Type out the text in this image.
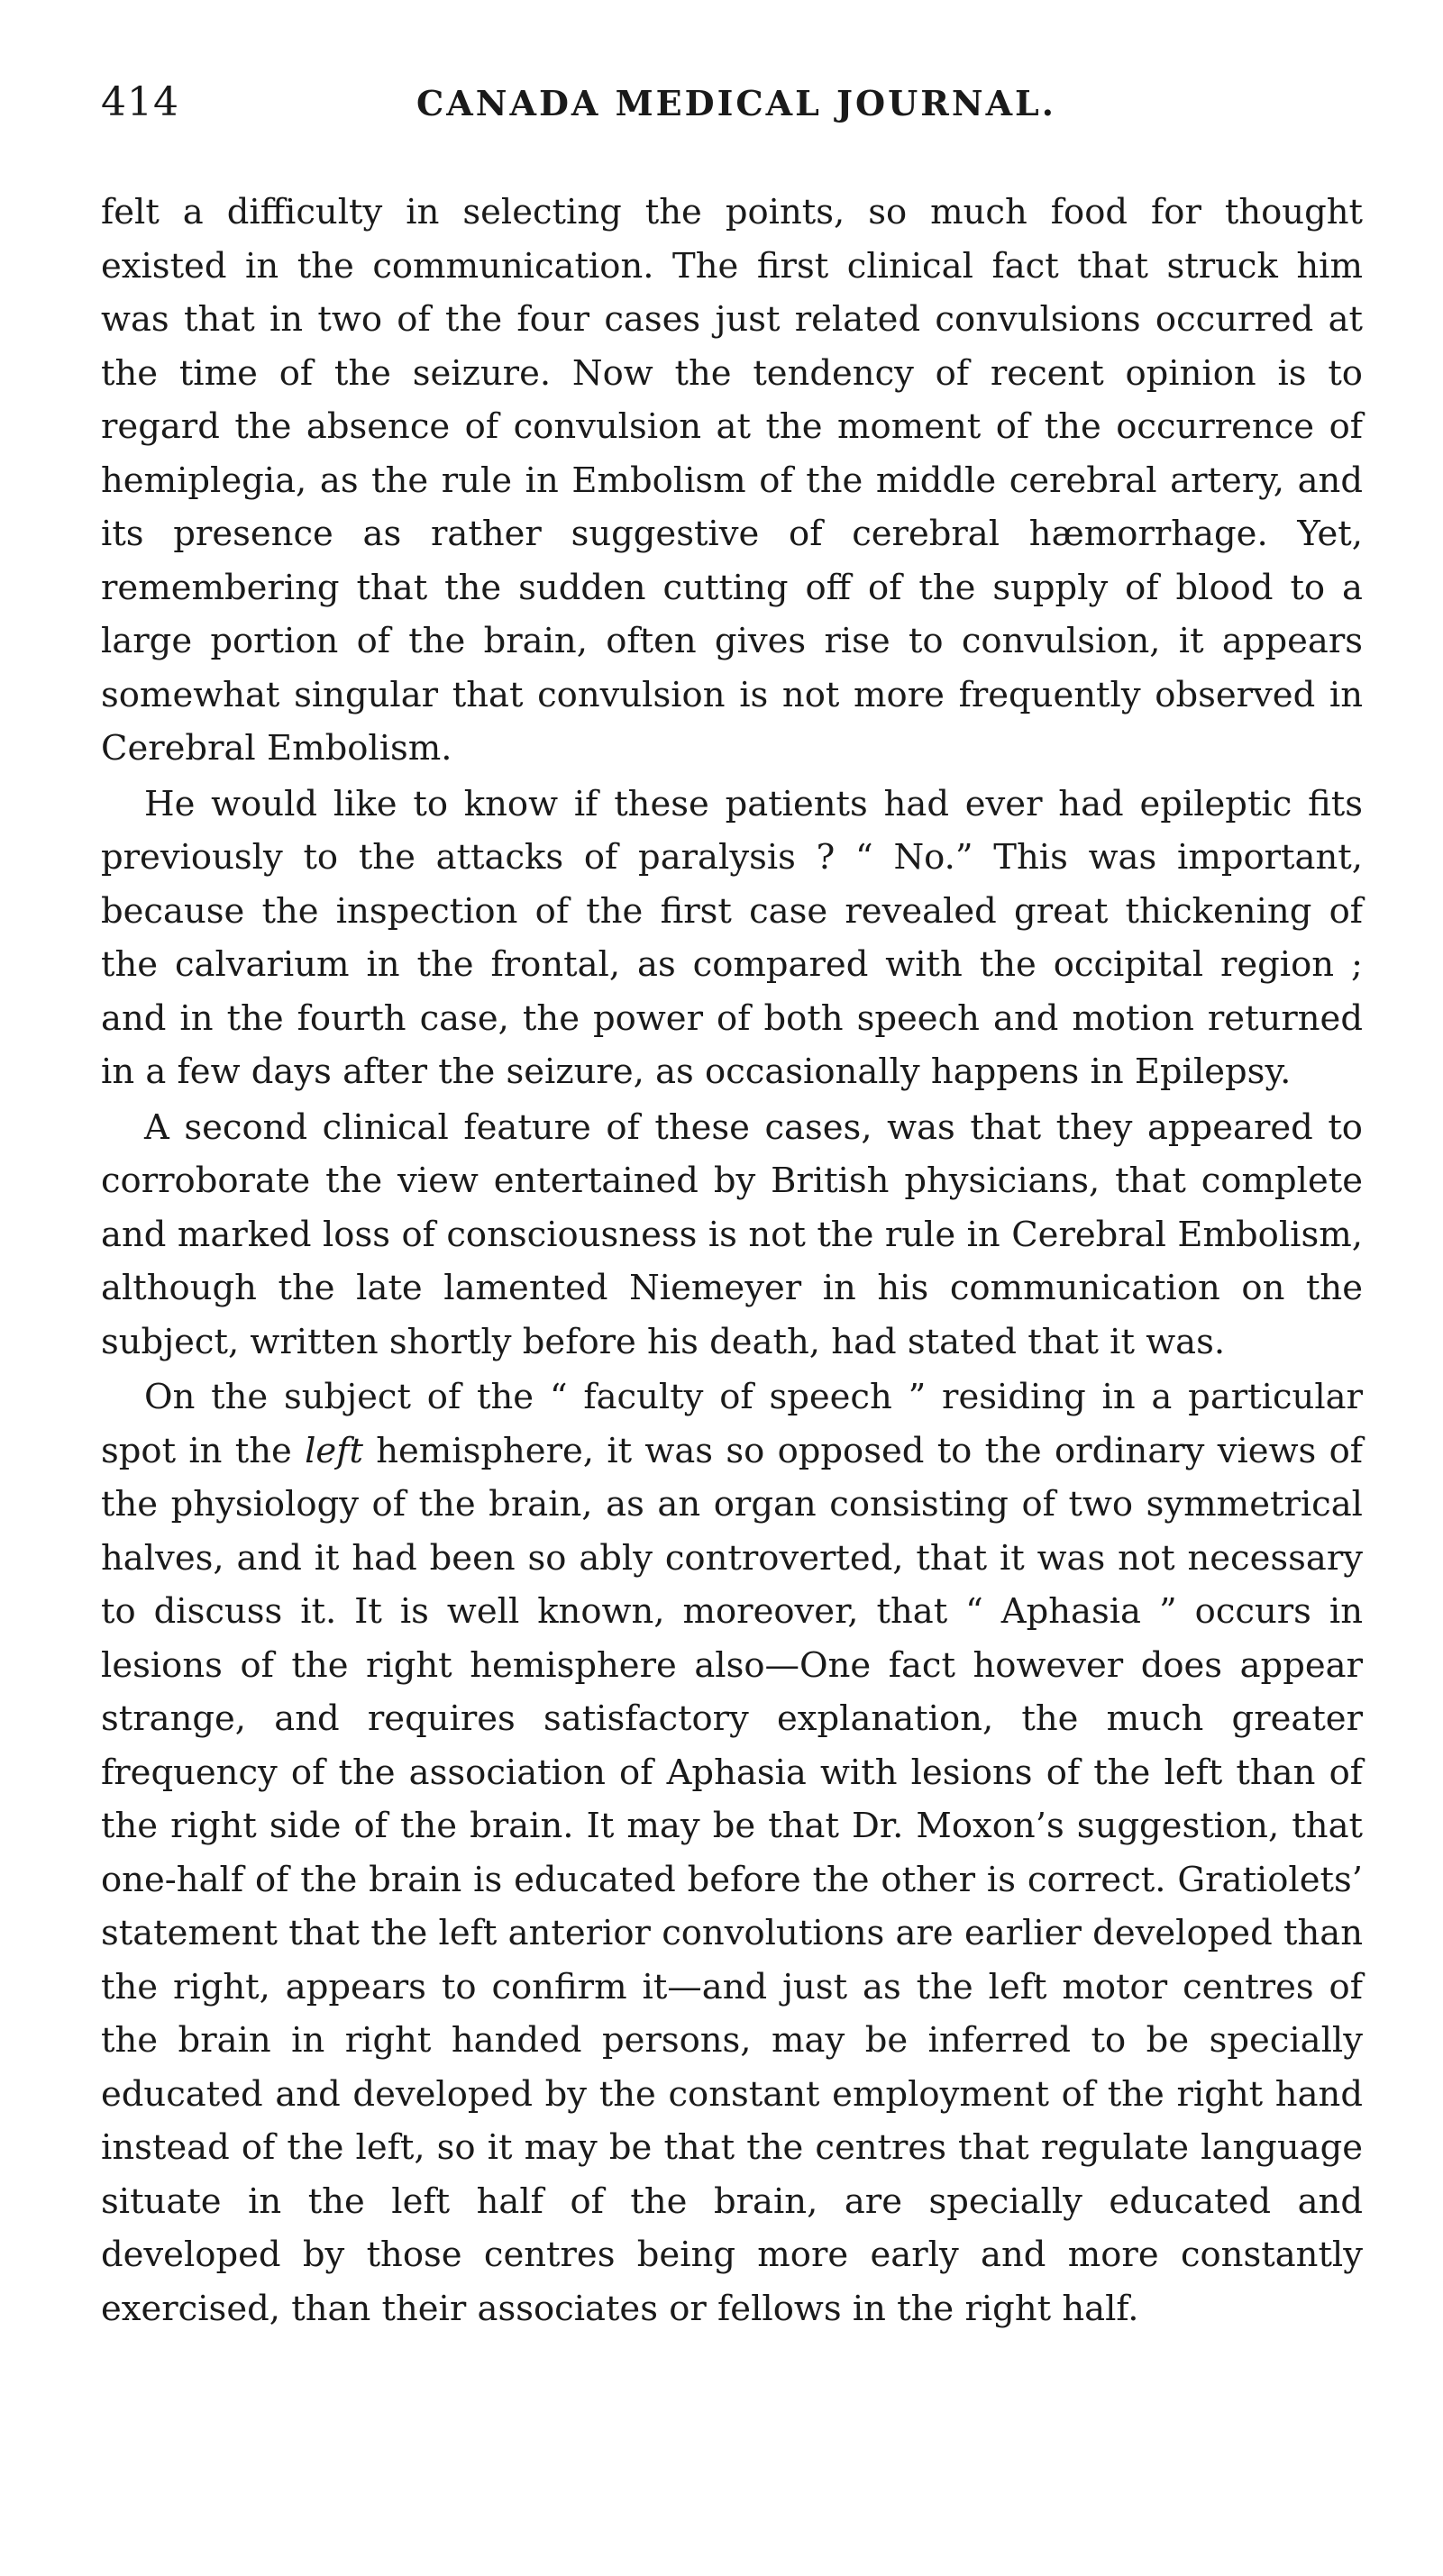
414	CANADA MEDICAL JOURNAL.

felt a difficulty in selecting the points, so much food for thought existed in the communication. The first clinical fact that struck him was that in two of the four cases just related convulsions occurred at the time of the seizure. Now the tendency of recent opinion is to regard the absence of convulsion at the moment of the occurrence of hemiplegia, as the rule in Embolism of the middle cerebral artery, and its presence as rather suggestive of cerebral hæmorrhage. Yet, remembering that the sudden cutting off of the supply of blood to a large portion of the brain, often gives rise to convulsion, it appears somewhat singular that convulsion is not more frequently observed in Cerebral Embolism.

He would like to know if these patients had ever had epileptic fits previously to the attacks of paralysis ? “ No.” This was important, because the inspection of the first case revealed great thickening of the calvarium in the frontal, as compared with the occipital region ; and in the fourth case, the power of both speech and motion returned in a few days after the seizure, as occasionally happens in Epilepsy.

A second clinical feature of these cases, was that they appeared to corroborate the view entertained by British physicians, that complete and marked loss of consciousness is not the rule in Cerebral Embolism, although the late lamented Niemeyer in his communication on the subject, written shortly before his death, had stated that it was.

On the subject of the “ faculty of speech ” residing in a particular spot in the left hemisphere, it was so opposed to the ordinary views of the physiology of the brain, as an organ consisting of two symmetrical halves, and it had been so ably controverted, that it was not necessary to discuss it. It is well known, moreover, that “ Aphasia ” occurs in lesions of the right hemisphere also—One fact however does appear strange, and requires satisfactory explanation, the much greater frequency of the association of Aphasia with lesions of the left than of the right side of the brain. It may be that Dr. Moxon’s suggestion, that one-half of the brain is educated before the other is correct. Gratiolets’ statement that the left anterior convolutions are earlier developed than the right, appears to confirm it—and just as the left motor centres of the brain in right handed persons, may be inferred to be specially educated and developed by the constant employment of the right hand instead of the left, so it may be that the centres that regulate language situate in the left half of the brain, are specially educated and developed by those centres being more early and more constantly exercised, than their associates or fellows in the right half.
